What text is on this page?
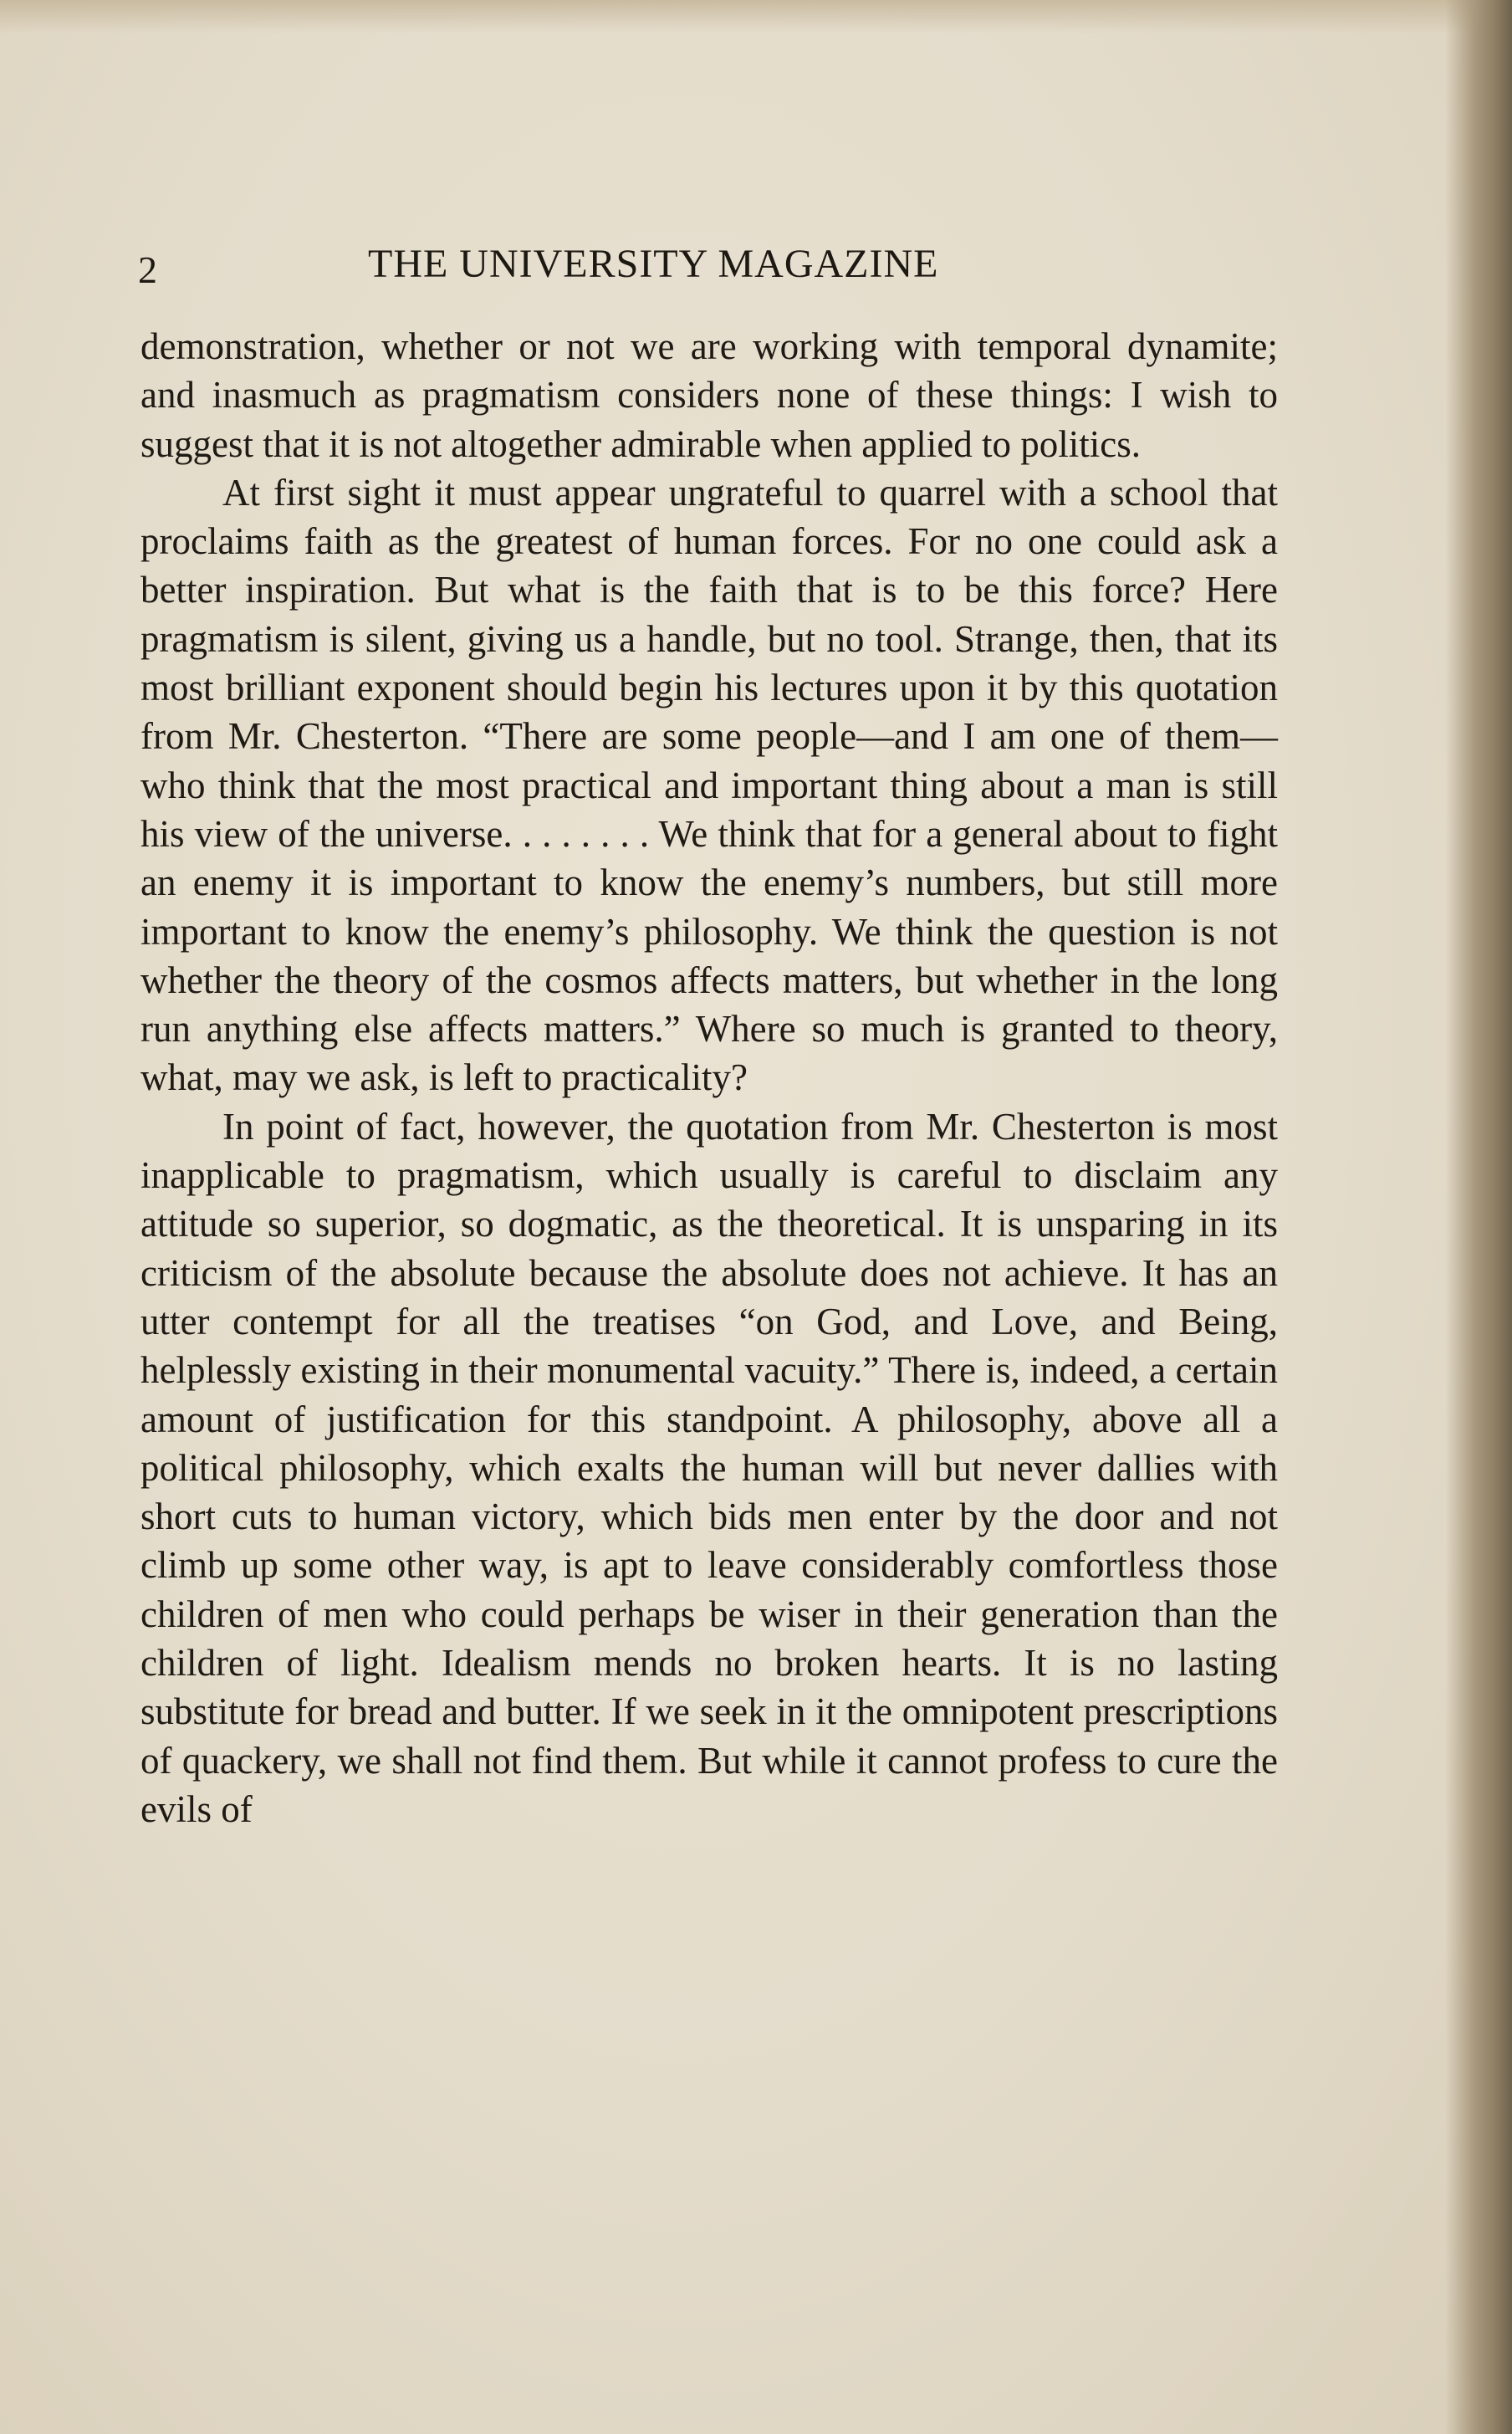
2	THE UNIVERSITY MAGAZINE

demonstration, whether or not we are working with temporal dynamite; and inasmuch as pragmatism considers none of these things: I wish to suggest that it is not altogether admirable when applied to politics.

At first sight it must appear ungrateful to quarrel with a school that proclaims faith as the greatest of human forces. For no one could ask a better inspiration. But what is the faith that is to be this force? Here pragmatism is silent, giving us a handle, but no tool. Strange, then, that its most brilliant exponent should begin his lectures upon it by this quotation from Mr. Chesterton. “There are some people—and I am one of them—who think that the most practical and important thing about a man is still his view of the universe. . . . . . . . We think that for a general about to fight an enemy it is important to know the enemy’s numbers, but still more important to know the enemy’s philosophy. We think the question is not whether the theory of the cosmos affects matters, but whether in the long run anything else affects matters.” Where so much is granted to theory, what, may we ask, is left to practicality?

In point of fact, however, the quotation from Mr. Chesterton is most inapplicable to pragmatism, which usually is careful to disclaim any attitude so superior, so dogmatic, as the theoretical. It is unsparing in its criticism of the absolute because the absolute does not achieve. It has an utter contempt for all the treatises “on God, and Love, and Being, helplessly existing in their monumental vacuity.” There is, indeed, a certain amount of justification for this standpoint. A philosophy, above all a political philosophy, which exalts the human will but never dallies with short cuts to human victory, which bids men enter by the door and not climb up some other way, is apt to leave considerably comfortless those children of men who could perhaps be wiser in their generation than the children of light. Idealism mends no broken hearts. It is no lasting substitute for bread and butter. If we seek in it the omnipotent prescriptions of quackery, we shall not find them. But while it cannot profess to cure the evils of
